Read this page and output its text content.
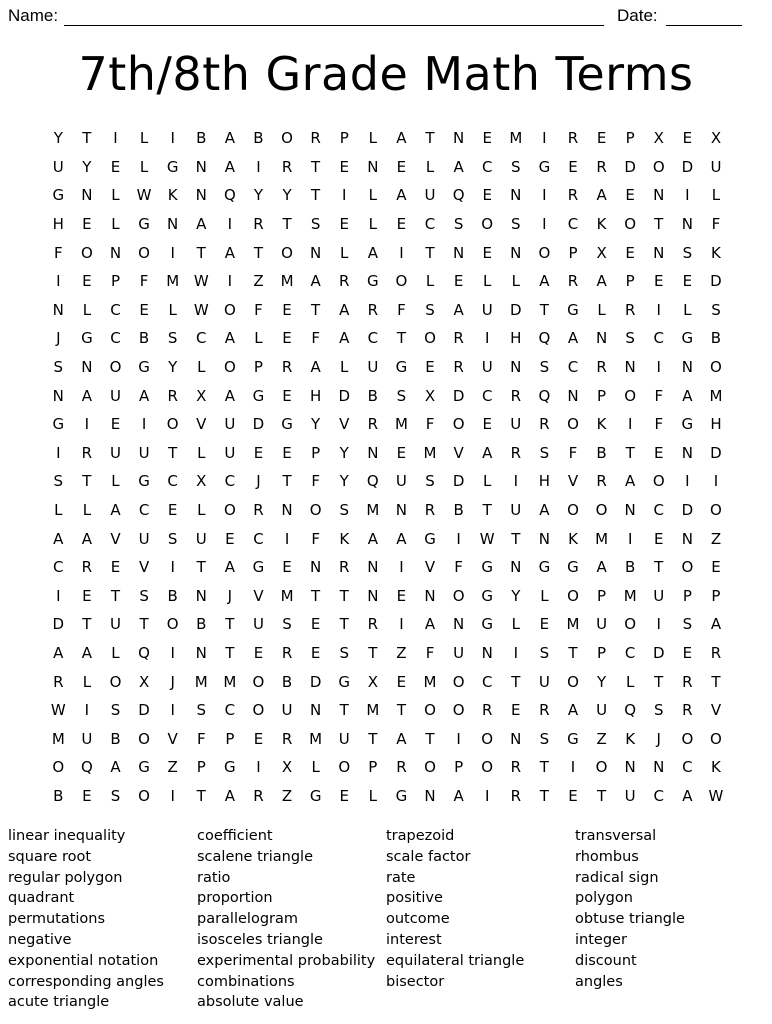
Name:	Date:
7th/8th Grade Math Terms
Y	T	I	L	I	B	A	B	O	R	P	L	A	T	N	E	M	I	R	E	P	X	E	X
U	Y	E	L	G	N	A	I	R	T	E	N	E	L	A	C	S	G	E	R	D	O	D	U
G	N	L	W	K	N	Q	Y	Y	T	I	L	A	U	Q	E	N	I	R	A	E	N	I	L
H	E	L	G	N	A	I	R	T	S	E	L	E	C	S	O	S	I	C	K	O	T	N	F
F	O	N	O	I	T	A	T	O	N	L	A	I	T	N	E	N	O	P	X	E	N	S	K
I	E	P	F	M W	I	Z	M	A	R	G	O	L	E	L	L	A	R	A	P	E	E	D
N	L	C	E	L	W	O	F	E	T	A	R	F	S	A	U	D	T	G	L	R	I	L	S
J	G	C	B	S	C	A	L	E	F	A	C	T	O	R	I	H	Q	A	N	S	C	G	B
S	N	O	G	Y	L	O	P	R	A	L	U	G	E	R	U	N	S	C	R	N	I	N	O
N	A	U	A	R	X	A	G	E	H	D	B	S	X	D	C	R	Q	N	P	O	F	A	M
G	I	E	I	O	V	U	D	G	Y	V	R	M	F	O	E	U	R	O	K	I	F	G	H
I	R	U	U	T	L	U	E	E	P	Y	N	E	M	V	A	R	S	F	B	T	E	N	D
S	T	L	G	C	X	C	J	T	F	Y	Q	U	S	D	L	I	H	V	R	A	O	I	I
L	L	A	C	E	L	O	R	N	O	S	M	N	R	B	T	U	A	O	O	N	C	D	O
A	A	V	U	S	U	E	C	I	F	K	A	A	G	I	W	T	N	K	M	I	E	N	Z
C	R	E	V	I	T	A	G	E	N	R	N	I	V	F	G	N	G	G	A	B	T	O	E
I	E	T	S	B	N	J	V	M	T	T	N	E	N	O	G	Y	L	O	P	M	U	P	P
D	T	U	T	O	B	T	U	S	E	T	R	I	A	N	G	L	E	M	U	O	I	S	A
A	A	L	Q	I	N	T	E	R	E	S	T	Z	F	U	N	I	S	T	P	C	D	E	R
R	L	O	X	J	M	M	O	B	D	G	X	E	M	O	C	T	U	O	Y	L	T	R	T
W	I	S	D	I	S	C	O	U	N	T	M	T	O	O	R	E	R	A	U	Q	S	R	V
M	U	B	O	V	F	P	E	R	M	U	T	A	T	I	O	N	S	G	Z	K	J	O	O
O	Q	A	G	Z	P	G	I	X	L	O	P	R	O	P	O	R	T	I	O	N	N	C	K
B	E	S	O	I	T	A	R	Z	G	E	L	G	N	A	I	R	T	E	T	U	C	A	W
linear inequality
square root
regular polygon
quadrant
permutations
negative
exponential notation
corresponding angles
acute triangle
coefficient
scalene triangle
ratio
proportion
parallelogram
isosceles triangle
experimental probability
combinations
absolute value
trapezoid
scale factor
rate
positive
outcome
interest
equilateral triangle
bisector
transversal
rhombus
radical sign
polygon
obtuse triangle
integer
discount
angles
